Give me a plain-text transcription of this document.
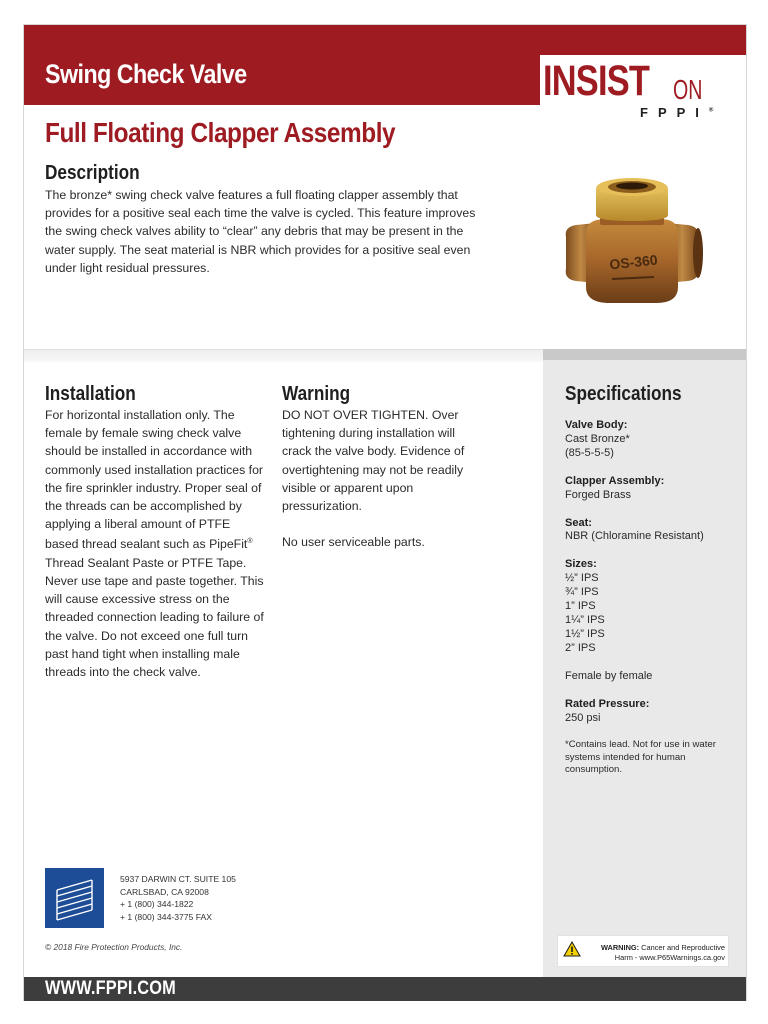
Swing Check Valve	INSIST ON
FPPI®
Full Floating Clapper Assembly
Description
The bronze* swing check valve features a full floating clapper assembly that provides for a positive seal each time the valve is cycled. This feature improves the swing check valves ability to “clear” any debris that may be present in the water supply. The seat material is NBR which provides for a positive seal even under light residual pressures.	OS-360
Installation
For horizontal installation only. The female by female swing check valve should be installed in accordance with commonly used installation practices for the fire sprinkler industry. Proper seal of the threads can be accomplished by applying a liberal amount of PTFE based thread sealant such as PipeFit® Thread Sealant Paste or PTFE Tape. Never use tape and paste together. This will cause excessive stress on the threaded connection leading to failure of the valve. Do not exceed one full turn past hand tight when installing male threads into the check valve.
Warning

DO NOT OVER TIGHTEN. Over tightening during installation will crack the valve body. Evidence of overtightening may not be readily visible or apparent upon pressurization.

No user serviceable parts.

Specifications
Valve Body:
Cast Bronze*
(85-5-5-5)
Clapper Assembly:
Forged Brass
Seat:
NBR (Chloramine Resistant)
Sizes:
½” IPS
¾” IPS
1” IPS
1¼” IPS
1½” IPS
2” IPS
Female by female
Rated Pressure:
250 psi
*Contains lead. Not for use in water systems intended for human consumption.
5937 DARWIN CT. SUITE 105
CARLSBAD, CA 92008
+ 1 (800) 344-1822
+ 1 (800) 344-3775 FAX
© 2018 Fire Protection Products, Inc.	WARNING: Cancer and Reproductive Harm - www.P65Warnings.ca.gov
WWW.FPPI.COM
